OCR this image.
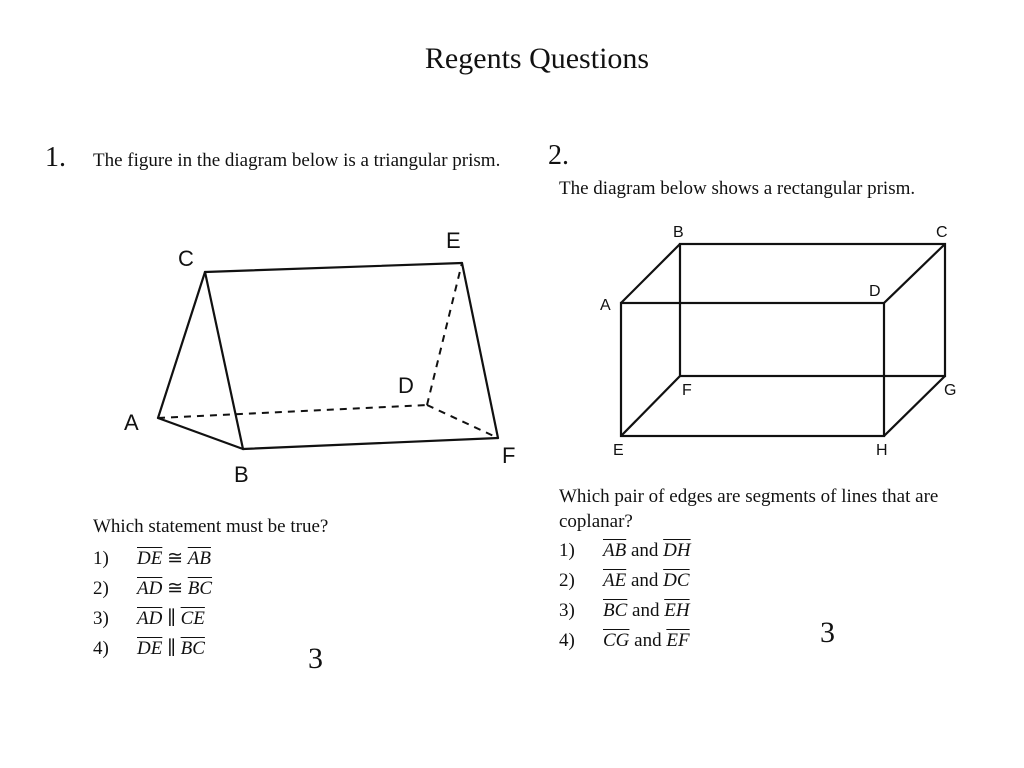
Regents Questions
1. The figure in the diagram below is a triangular prism.
A
B
C
D
E
F
A
B	C
D
E
F	G
H
Which statement must be true?
1) $\overline{DE}$ ≅ $\overline{AB}$
2) $\overline{AD}$ ≅ $\overline{BC}$
3) $\overline{AD}$ ∥ $\overline{CE}$
4) $\overline{DE}$ ∥ $\overline{BC}$	3
2.
The diagram below shows a rectangular prism.
Which pair of edges are segments of lines that are coplanar?
1) $\overline{AB}$ and $\overline{DH}$
2) $\overline{AE}$ and $\overline{DC}$
3) $\overline{BC}$ and $\overline{EH}$
4) $\overline{CG}$ and $\overline{EF}$	3
